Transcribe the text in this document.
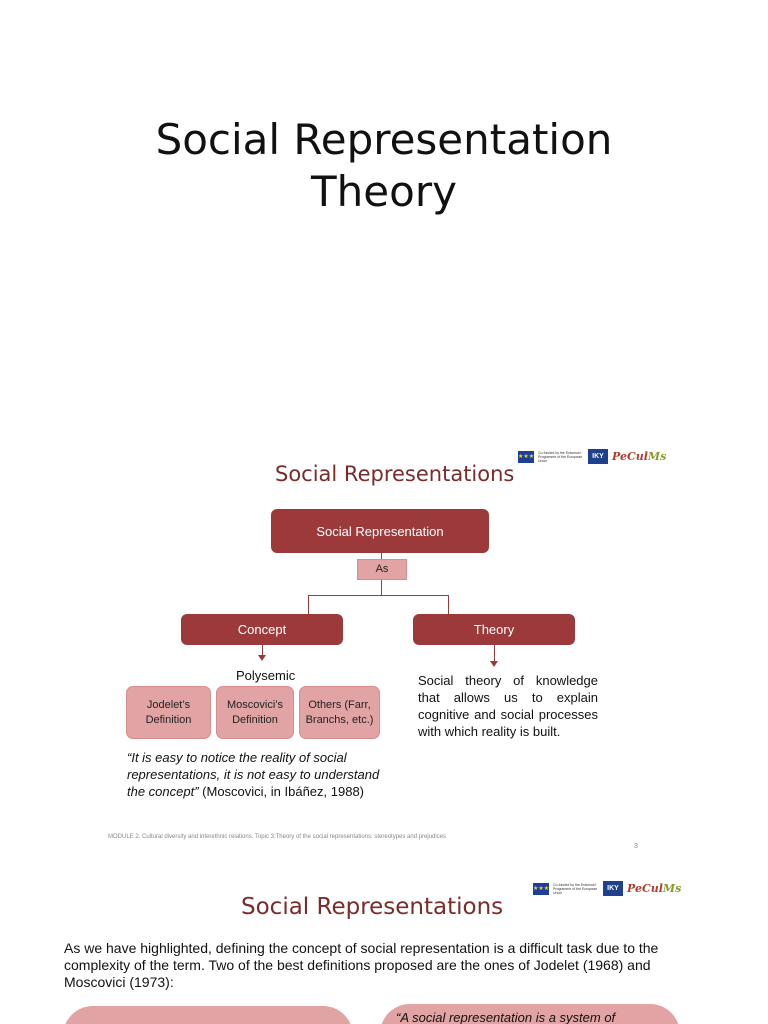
Social Representation
Theory
★★★
Co-funded by the Erasmus+ Programme of the European Union
IKY PeCulMs
Social Representations
Social Representation
As
Concept	Theory
Polysemic
Jodelet’s Definition
Moscovici’s Definition
Others (Farr, Branchs, etc.)
Social theory of knowledge that allows us to explain cognitive and social processes with which reality is built.
“It is easy to notice the reality of social representations, it is not easy to understand the concept” (Moscovici, in Ibáñez, 1988)
MODULE 2. Cultural diversity and interethnic relations. Topic 3:Theory of the social representations: stereotypes and prejudices
3
★★★
Co-funded by the Erasmus+ Programme of the European Union
IKY PeCulMs
Social Representations
As we have highlighted, defining the concept of social representation is a difficult task due to the complexity of the term. Two of the best definitions proposed are the ones of Jodelet (1968) and Moscovici (1973):
“A social representation is a system of
